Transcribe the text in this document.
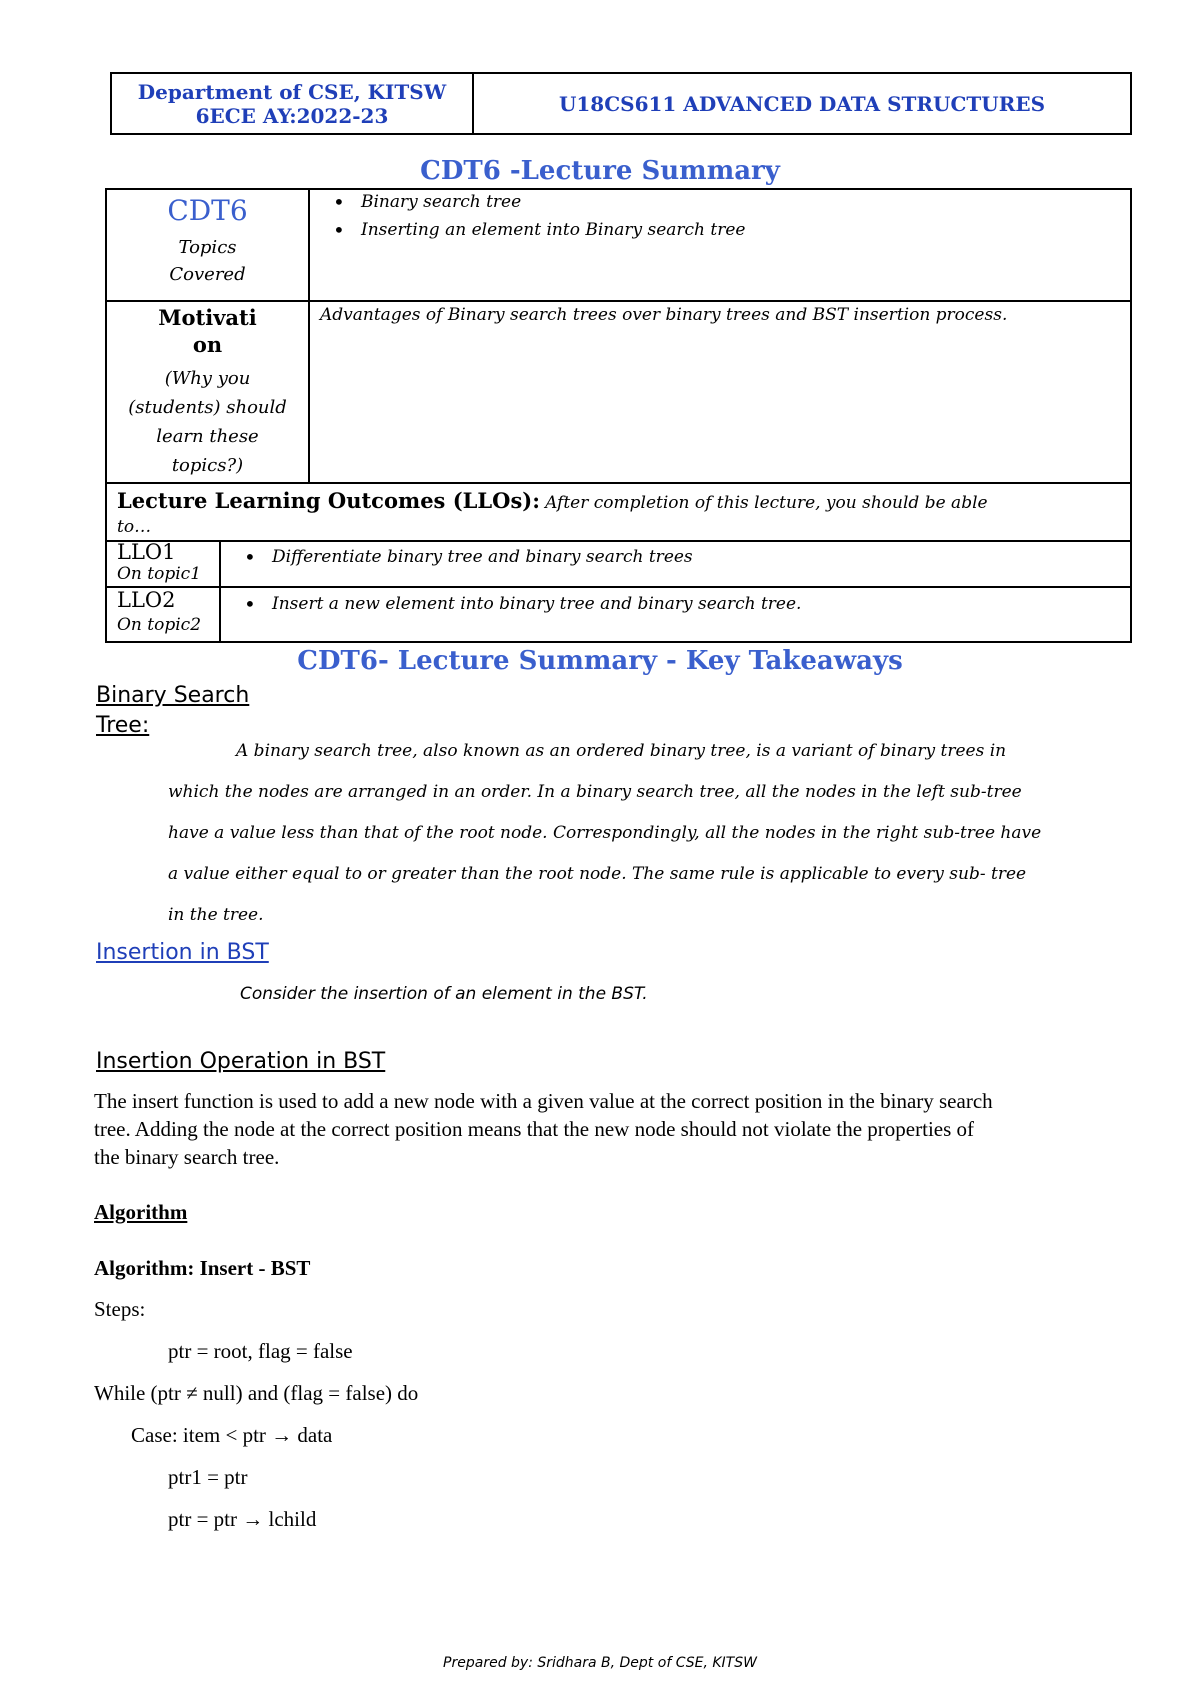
Department of CSE, KITSW
6ECE AY:2022-23	U18CS611 ADVANCED DATA STRUCTURES
CDT6 -Lecture Summary
CDT6
Topics
Covered
• Binary search tree
• Inserting an element into Binary search tree
Motivati
on
(Why you
(students) should
learn these
topics?)
Advantages of Binary search trees over binary trees and BST insertion process.
Lecture Learning Outcomes (LLOs): After completion of this lecture, you should be able
to…
LLO1
On topic1
• Differentiate binary tree and binary search trees
LLO2
On topic2
• Insert a new element into binary tree and binary search tree.
CDT6- Lecture Summary - Key Takeaways
Binary Search
Tree:
A binary search tree, also known as an ordered binary tree, is a variant of binary trees in
which the nodes are arranged in an order. In a binary search tree, all the nodes in the left sub-tree
have a value less than that of the root node. Correspondingly, all the nodes in the right sub-tree have
a value either equal to or greater than the root node. The same rule is applicable to every sub- tree
in the tree.
Insertion in BST
Consider the insertion of an element in the BST.
Insertion Operation in BST
The insert function is used to add a new node with a given value at the correct position in the binary search
tree. Adding the node at the correct position means that the new node should not violate the properties of
the binary search tree.
Algorithm
Algorithm: Insert - BST
Steps:
ptr = root, flag = false
While (ptr ≠ null) and (flag = false) do
Case: item < ptr → data
ptr1 = ptr
ptr = ptr → lchild
Prepared by: Sridhara B, Dept of CSE, KITSW
